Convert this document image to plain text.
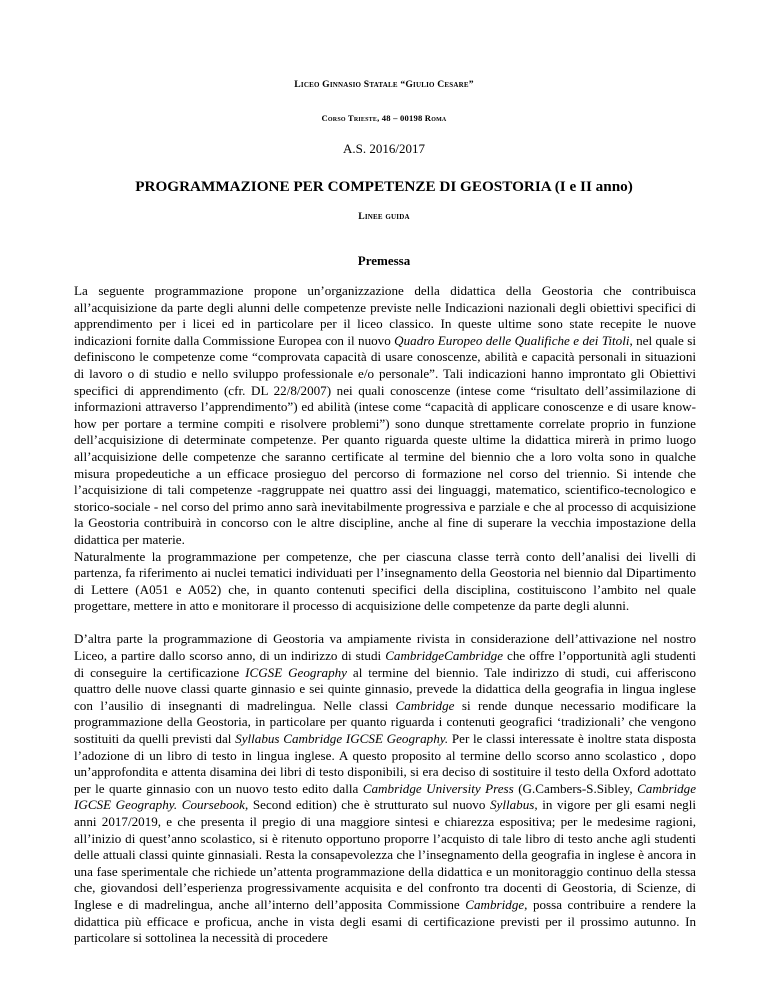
Liceo Ginnasio Statale “Giulio Cesare”
Corso Trieste, 48 – 00198 Roma
A.S. 2016/2017
PROGRAMMAZIONE PER COMPETENZE DI GEOSTORIA (I e II anno)
Linee guida
Premessa

La seguente programmazione propone un’organizzazione della didattica della Geostoria che contribuisca all’acquisizione da parte degli alunni delle competenze previste nelle Indicazioni nazionali degli obiettivi specifici di apprendimento per i licei ed in particolare per il liceo classico. In queste ultime sono state recepite le nuove indicazioni fornite dalla Commissione Europea con il nuovo Quadro Europeo delle Qualifiche e dei Titoli, nel quale si definiscono le competenze come “comprovata capacità di usare conoscenze, abilità e capacità personali in situazioni di lavoro o di studio e nello sviluppo professionale e/o personale”. Tali indicazioni hanno improntato gli Obiettivi specifici di apprendimento (cfr. DL 22/8/2007) nei quali conoscenze (intese come “risultato dell’assimilazione di informazioni attraverso l’apprendimento”) ed abilità (intese come “capacità di applicare conoscenze e di usare know-how per portare a termine compiti e risolvere problemi”) sono dunque strettamente correlate proprio in funzione dell’acquisizione di determinate competenze. Per quanto riguarda queste ultime la didattica mirerà in primo luogo all’acquisizione delle competenze che saranno certificate al termine del biennio che a loro volta sono in qualche misura propedeutiche a un efficace prosieguo del percorso di formazione nel corso del triennio. Si intende che l’acquisizione di tali competenze -raggruppate nei quattro assi dei linguaggi, matematico, scientifico-tecnologico e storico-sociale - nel corso del primo anno sarà inevitabilmente progressiva e parziale e che al processo di acquisizione la Geostoria contribuirà in concorso con le altre discipline, anche al fine di superare la vecchia impostazione della didattica per materie.

Naturalmente la programmazione per competenze, che per ciascuna classe terrà conto dell’analisi dei livelli di partenza, fa riferimento ai nuclei tematici individuati per l’insegnamento della Geostoria nel biennio dal Dipartimento di Lettere (A051 e A052) che, in quanto contenuti specifici della disciplina, costituiscono l’ambito nel quale progettare, mettere in atto e monitorare il processo di acquisizione delle competenze da parte degli alunni.

D’altra parte la programmazione di Geostoria va ampiamente rivista in considerazione dell’attivazione nel nostro Liceo, a partire dallo scorso anno, di un indirizzo di studi CambridgeCambridge che offre l’opportunità agli studenti di conseguire la certificazione ICGSE Geography al termine del biennio. Tale indirizzo di studi, cui afferiscono quattro delle nuove classi quarte ginnasio e sei quinte ginnasio, prevede la didattica della geografia in lingua inglese con l’ausilio di insegnanti di madrelingua. Nelle classi Cambridge si rende dunque necessario modificare la programmazione della Geostoria, in particolare per quanto riguarda i contenuti geografici ‘tradizionali’ che vengono sostituiti da quelli previsti dal Syllabus Cambridge IGCSE Geography. Per le classi interessate è inoltre stata disposta l’adozione di un libro di testo in lingua inglese. A questo proposito al termine dello scorso anno scolastico , dopo un’approfondita e attenta disamina dei libri di testo disponibili, si era deciso di sostituire il testo della Oxford adottato per le quarte ginnasio con un nuovo testo edito dalla Cambridge University Press (G.Cambers-S.Sibley, Cambridge IGCSE Geography. Coursebook, Second edition) che è strutturato sul nuovo Syllabus, in vigore per gli esami negli anni 2017/2019, e che presenta il pregio di una maggiore sintesi e chiarezza espositiva; per le medesime ragioni, all’inizio di quest’anno scolastico, si è ritenuto opportuno proporre l’acquisto di tale libro di testo anche agli studenti delle attuali classi quinte ginnasiali. Resta la consapevolezza che l’insegnamento della geografia in inglese è ancora in una fase sperimentale che richiede un’attenta programmazione della didattica e un monitoraggio continuo della stessa che, giovandosi dell’esperienza progressivamente acquisita e del confronto tra docenti di Geostoria, di Scienze, di Inglese e di madrelingua, anche all’interno dell’apposita Commissione Cambridge, possa contribuire a rendere la didattica più efficace e proficua, anche in vista degli esami di certificazione previsti per il prossimo autunno. In particolare si sottolinea la necessità di procedere
